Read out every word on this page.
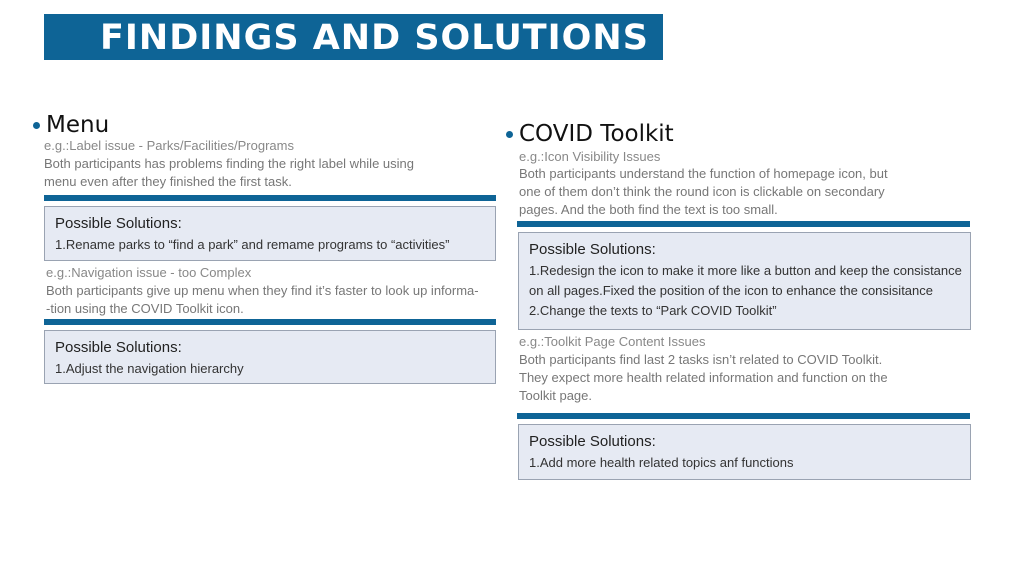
FINDINGS AND SOLUTIONS
Menu
e.g.:Label issue - Parks/Facilities/Programs
Both participants has problems finding the right label while using
menu even after they finished the first task.
Possible Solutions:
1.Rename parks to “find a park” and remame programs to “activities”
e.g.:Navigation issue - too Complex
Both participants give up menu when they find it’s faster to look up informa-
-tion using the COVID Toolkit icon.
Possible Solutions:
1.Adjust the navigation hierarchy
COVID Toolkit
e.g.:Icon Visibility Issues
Both participants understand the function of homepage icon, but
one of them don’t think the round icon is clickable on secondary
pages. And the both find the text is too small.
Possible Solutions:
1.Redesign the icon to make it more like a button and keep the consistance
on all pages.Fixed the position of the icon to enhance the consisitance
2.Change the texts to “Park COVID Toolkit”
e.g.:Toolkit Page Content Issues
Both participants find last 2 tasks isn’t related to COVID Toolkit.
They expect more health related information and function on the
Toolkit page.
Possible Solutions:
1.Add more health related topics anf functions
